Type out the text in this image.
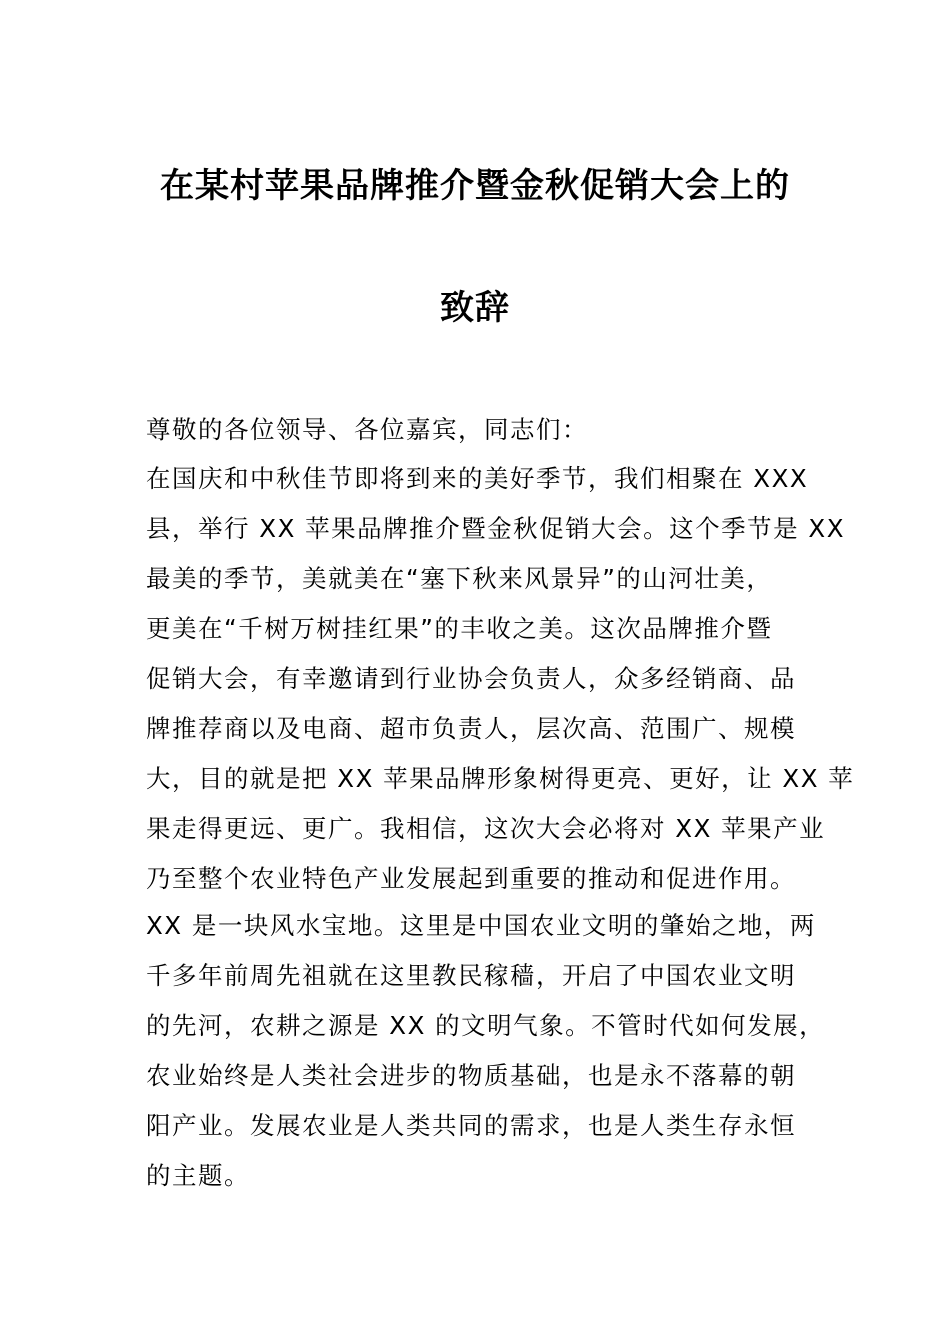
在某村苹果品牌推介暨金秋促销大会上的
致辞
尊敬的各位领导、各位嘉宾，同志们：
在国庆和中秋佳节即将到来的美好季节，我们相聚在 XXX
县，举行 XX 苹果品牌推介暨金秋促销大会。这个季节是 XX
最美的季节，美就美在“塞下秋来风景异”的山河壮美，
更美在“千树万树挂红果”的丰收之美。这次品牌推介暨
促销大会，有幸邀请到行业协会负责人，众多经销商、品
牌推荐商以及电商、超市负责人，层次高、范围广、规模
大，目的就是把 XX 苹果品牌形象树得更亮、更好，让 XX 苹
果走得更远、更广。我相信，这次大会必将对 XX 苹果产业
乃至整个农业特色产业发展起到重要的推动和促进作用。
XX 是一块风水宝地。这里是中国农业文明的肇始之地，两
千多年前周先祖就在这里教民稼穑，开启了中国农业文明
的先河，农耕之源是 XX 的文明气象。不管时代如何发展，
农业始终是人类社会进步的物质基础，也是永不落幕的朝
阳产业。发展农业是人类共同的需求，也是人类生存永恒
的主题。
